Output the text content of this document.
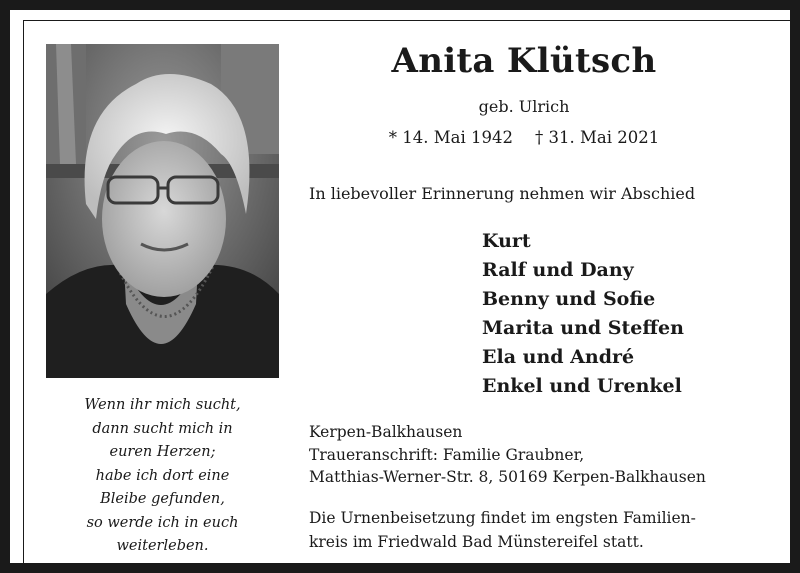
Wenn ihr mich sucht,
dann sucht mich in
euren Herzen;
habe ich dort eine
Bleibe gefunden,
so werde ich in euch
weiterleben.
Anita Klütsch
geb. Ulrich
* 14. Mai 1942 † 31. Mai 2021
In liebevoller Erinnerung nehmen wir Abschied
Kurt
Ralf und Dany
Benny und Sofie
Marita und Steffen
Ela und André
Enkel und Urenkel
Kerpen-Balkhausen
Traueranschrift: Familie Graubner,
Matthias-Werner-Str. 8, 50169 Kerpen-Balkhausen
Die Urnenbeisetzung findet im engsten Familien-
kreis im Friedwald Bad Münstereifel statt.
